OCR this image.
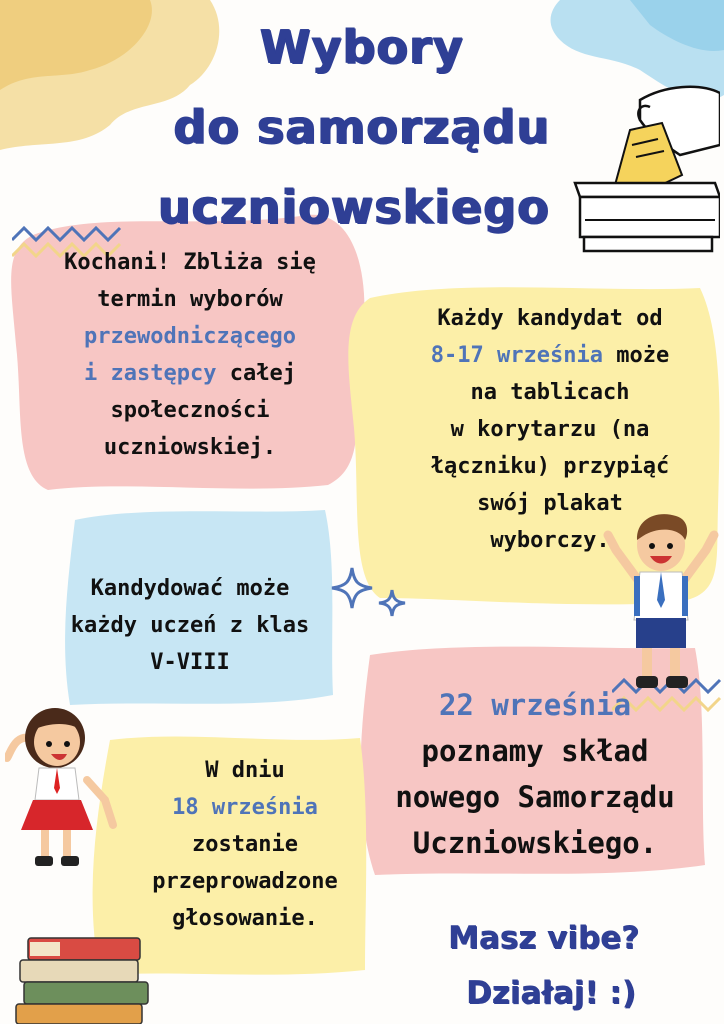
Wybory
do samorządu
uczniowskiego
Kochani! Zbliża się
termin wyborów
przewodniczącego
i zastępcy całej
społeczności
uczniowskiej.
Każdy kandydat od
8-17 września może
na tablicach
w korytarzu (na
łączniku) przypiąć
swój plakat
wyborczy.
Kandydować może
każdy uczeń z klas
V-VIII
W dniu
18 września
zostanie
przeprowadzone
głosowanie.
22 września
poznamy skład
nowego Samorządu
Uczniowskiego.
Masz vibe?
Działaj! :)
